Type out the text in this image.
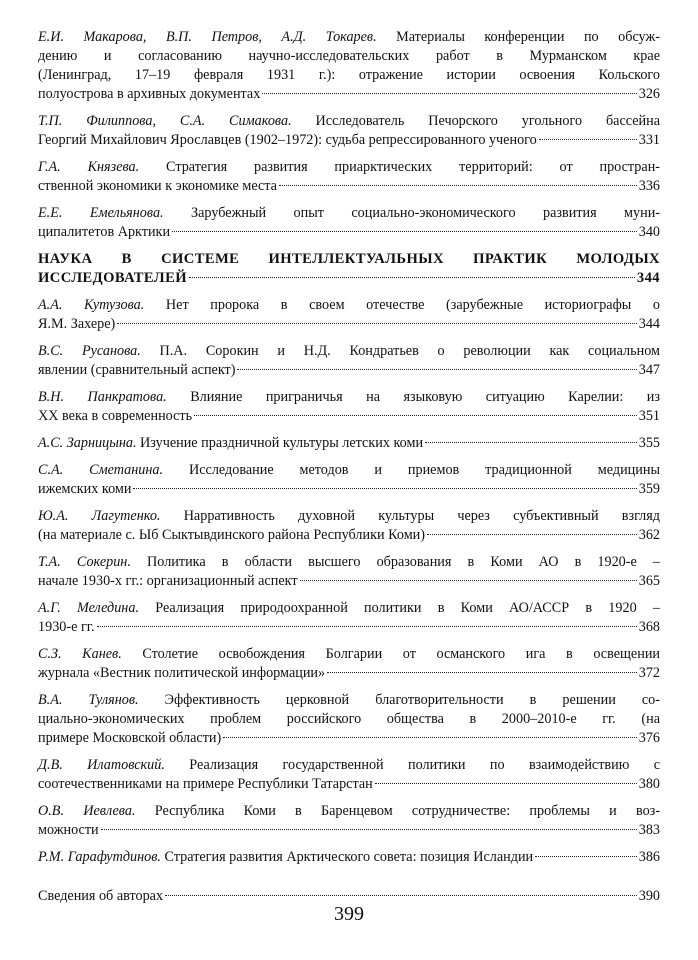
Е.И. Макарова, В.П. Петров, А.Д. Токарев. Материалы конференции по обсуж-

дению и согласованию научно-исследовательских работ в Мурманском крае

(Ленинград, 17–19 февраля 1931 г.): отражение истории освоения Кольского

полуострова в архивных документах	326

Т.П. Филиппова, С.А. Симакова. Исследователь Печорского угольного бассейна

Георгий Михайлович Ярославцев (1902–1972): судьба репрессированного ученого	331

Г.А. Князева. Стратегия развития приарктических территорий: от простран-

ственной экономики к экономике места	336

Е.Е. Емельянова. Зарубежный опыт социально-экономического развития муни-

ципалитетов Арктики	340

НАУКА В СИСТЕМЕ ИНТЕЛЛЕКТУАЛЬНЫХ ПРАКТИК МОЛОДЫХ

ИССЛЕДОВАТЕЛЕЙ	344

А.А. Кутузова. Нет пророка в своем отечестве (зарубежные историографы о

Я.М. Захере)	344

В.С. Русанова. П.А. Сорокин и Н.Д. Кондратьев о революции как социальном

явлении (сравнительный аспект)	347

В.Н. Панкратова. Влияние приграничья на языковую ситуацию Карелии: из

XX века в современность	351

А.С. Зарницына. Изучение праздничной культуры летских коми	355

С.А. Сметанина. Исследование методов и приемов традиционной медицины

ижемских коми	359

Ю.А. Лагутенко. Нарративность духовной культуры через субъективный взгляд

(на материале с. Ыб Сыктывдинского района Республики Коми)	362

Т.А. Сокерин. Политика в области высшего образования в Коми АО в 1920-е –

начале 1930-х гг.: организационный аспект	365

А.Г. Меледина. Реализация природоохранной политики в Коми АО/АССР в 1920 –

1930-е гг.	368

С.З. Канев. Столетие освобождения Болгарии от османского ига в освещении

журнала «Вестник политической информации»	372

В.А. Тулянов. Эффективность церковной благотворительности в решении со-

циально-экономических проблем российского общества в 2000–2010-е гг. (на

примере Московской области)	376

Д.В. Илатовский. Реализация государственной политики по взаимодействию с

соотечественниками на примере Республики Татарстан	380

О.В. Иевлева. Республика Коми в Баренцевом сотрудничестве: проблемы и воз-

можности	383

Р.М. Гарафутдинов. Стратегия развития Арктического совета: позиция Исландии	386

Сведения об авторах	390

399
